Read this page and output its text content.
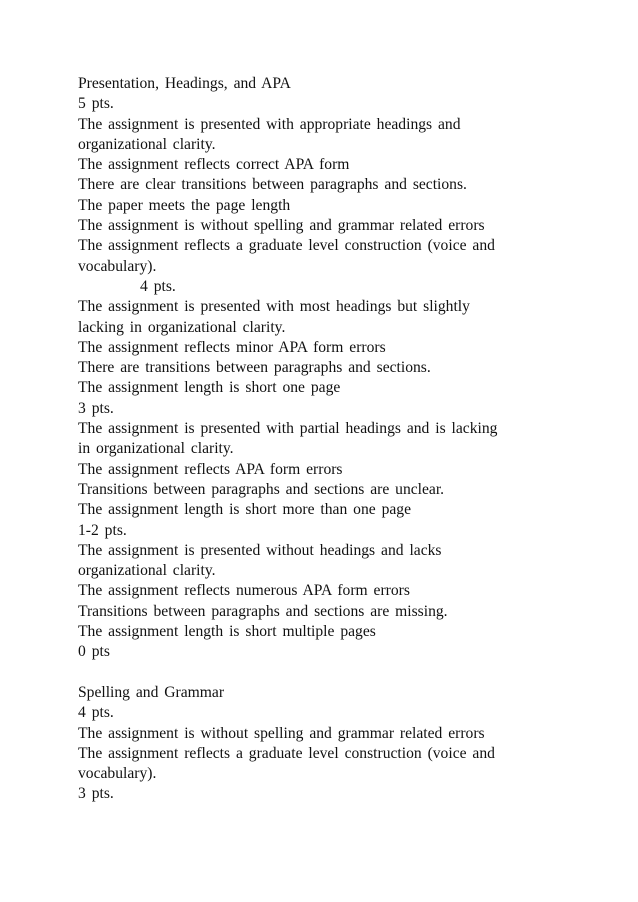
Presentation, Headings, and APA
5 pts.
The assignment is presented with appropriate headings and
organizational clarity.
The assignment reflects correct APA form
There are clear transitions between paragraphs and sections.
The paper meets the page length
The assignment is without spelling and grammar related errors
The assignment reflects a graduate level construction (voice and
vocabulary).
4 pts.
The assignment is presented with most headings but slightly
lacking in organizational clarity.
The assignment reflects minor APA form errors
There are transitions between paragraphs and sections.
The assignment length is short one page
3 pts.
The assignment is presented with partial headings and is lacking
in organizational clarity.
The assignment reflects APA form errors
Transitions between paragraphs and sections are unclear.
The assignment length is short more than one page
1-2 pts.
The assignment is presented without headings and lacks
organizational clarity.
The assignment reflects numerous APA form errors
Transitions between paragraphs and sections are missing.
The assignment length is short multiple pages
0 pts
Spelling and Grammar
4 pts.
The assignment is without spelling and grammar related errors
The assignment reflects a graduate level construction (voice and
vocabulary).
3 pts.
